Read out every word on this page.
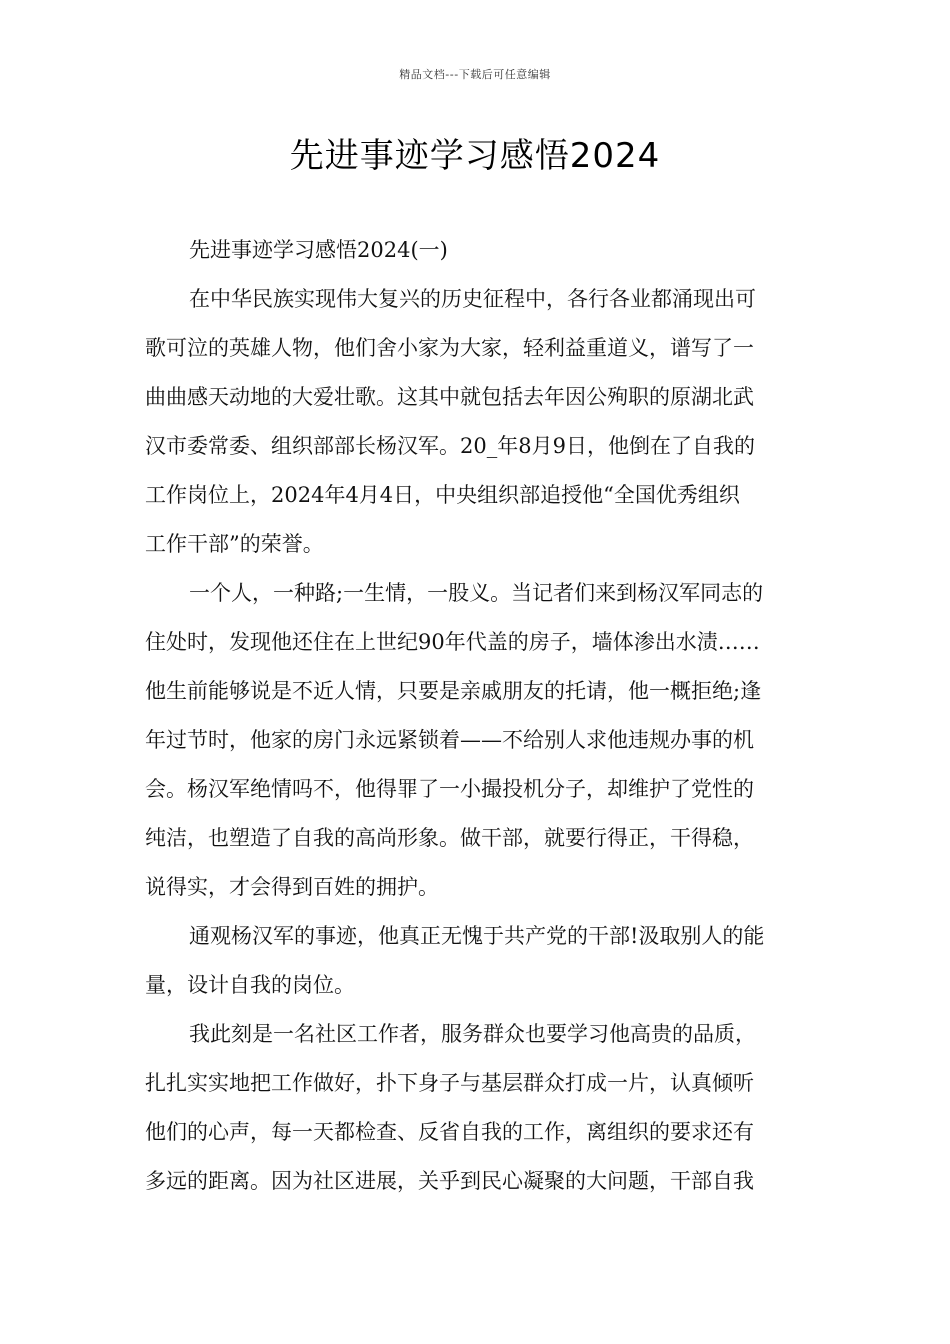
精品文档---下载后可任意编辑
先进事迹学习感悟2024

先进事迹学习感悟2024(一)

在中华民族实现伟大复兴的历史征程中，各行各业都涌现出可
歌可泣的英雄人物，他们舍小家为大家，轻利益重道义，谱写了一
曲曲感天动地的大爱壮歌。这其中就包括去年因公殉职的原湖北武
汉市委常委、组织部部长杨汉军。20_年8月9日，他倒在了自我的
工作岗位上，2024年4月4日，中央组织部追授他“全国优秀组织
工作干部”的荣誉。

一个人，一种路;一生情，一股义。当记者们来到杨汉军同志的
住处时，发现他还住在上世纪90年代盖的房子，墙体渗出水渍……
他生前能够说是不近人情，只要是亲戚朋友的托请，他一概拒绝;逢
年过节时，他家的房门永远紧锁着——不给别人求他违规办事的机
会。杨汉军绝情吗不，他得罪了一小撮投机分子，却维护了党性的
纯洁，也塑造了自我的高尚形象。做干部，就要行得正，干得稳，
说得实，才会得到百姓的拥护。

通观杨汉军的事迹，他真正无愧于共产党的干部!汲取别人的能
量，设计自我的岗位。

我此刻是一名社区工作者，服务群众也要学习他高贵的品质，
扎扎实实地把工作做好，扑下身子与基层群众打成一片，认真倾听
他们的心声，每一天都检查、反省自我的工作，离组织的要求还有
多远的距离。因为社区进展，关乎到民心凝聚的大问题，干部自我
